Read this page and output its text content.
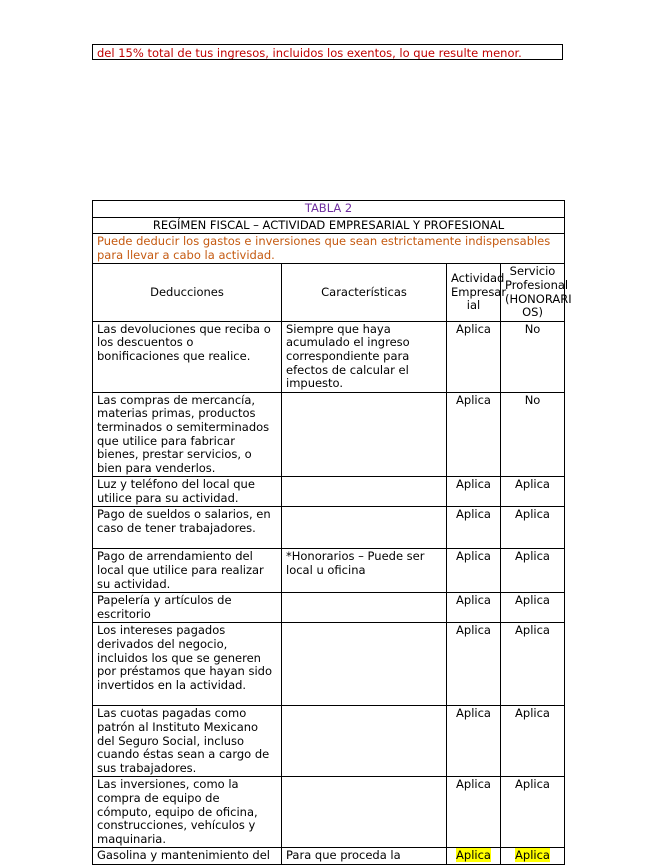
del 15% total de tus ingresos, incluidos los exentos, lo que resulte menor.
TABLA 2			
REGÍMEN FISCAL – ACTIVIDAD EMPRESARIAL Y PROFESIONAL			
Puede deducir los gastos e inversiones que sean estrictamente indispensables para llevar a cabo la actividad.			
Deducciones	Características	Actividad Empresar ial	Servicio Profesional (HONORARI OS)
Las devoluciones que reciba o los descuentos o bonificaciones que realice.	Siempre que haya acumulado el ingreso correspondiente para efectos de calcular el impuesto.	Aplica	No
Las compras de mercancía, materias primas, productos terminados o semiterminados que utilice para fabricar bienes, prestar servicios, o bien para venderlos.		Aplica	No
Luz y teléfono del local que utilice para su actividad.		Aplica	Aplica
Pago de sueldos o salarios, en caso de tener trabajadores.		Aplica	Aplica
Pago de arrendamiento del local que utilice para realizar su actividad.	*Honorarios – Puede ser local u oficina	Aplica	Aplica
Papelería y artículos de escritorio		Aplica	Aplica
Los intereses pagados derivados del negocio, incluidos los que se generen por préstamos que hayan sido invertidos en la actividad.		Aplica	Aplica
Las cuotas pagadas como patrón al Instituto Mexicano del Seguro Social, incluso cuando éstas sean a cargo de sus trabajadores.		Aplica	Aplica
Las inversiones, como la compra de equipo de cómputo, equipo de oficina, construcciones, vehículos y maquinaria.		Aplica	Aplica
Gasolina y mantenimiento del	Para que proceda la	Aplica	Aplica
